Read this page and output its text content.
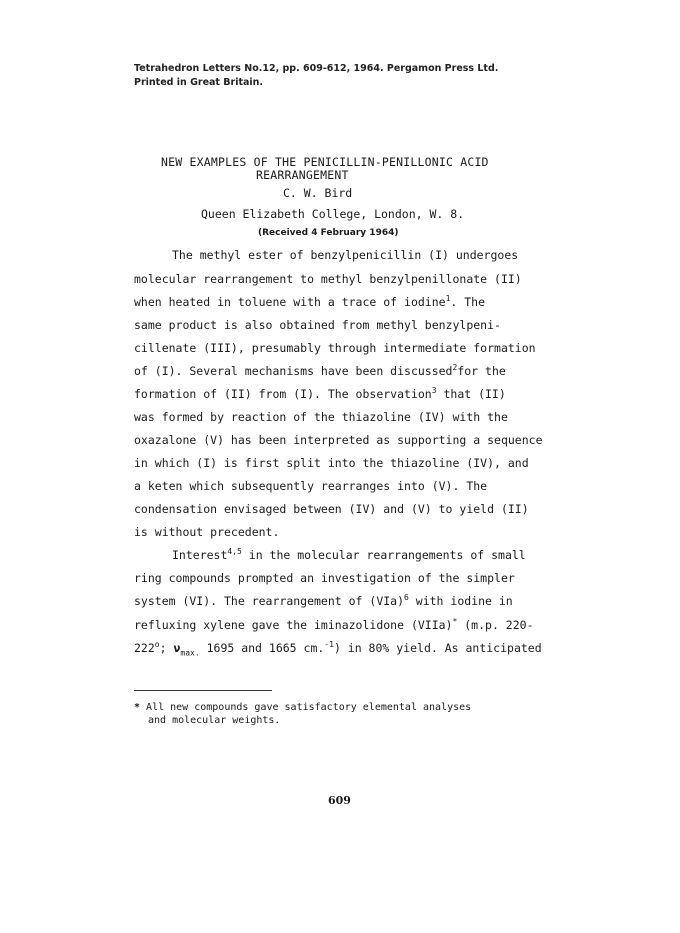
Tetrahedron Letters No.12, pp. 609-612, 1964. Pergamon Press Ltd.
Printed in Great Britain.
NEW EXAMPLES OF THE PENICILLIN-PENILLONIC ACID
REARRANGEMENT
C. W. Bird
Queen Elizabeth College, London, W. 8.
(Received 4 February 1964)
The methyl ester of benzylpenicillin (I) undergoes
molecular rearrangement to methyl benzylpenillonate (II)
when heated in toluene with a trace of iodine$^1$. The
same product is also obtained from methyl benzylpeni-
cillenate (III), presumably through intermediate formation
of (I). Several mechanisms have been discussed$^2$for the
formation of (II) from (I). The observation$^3$ that (II)
was formed by reaction of the thiazoline (IV) with the
oxazalone (V) has been interpreted as supporting a sequence
in which (I) is first split into the thiazoline (IV), and
a keten which subsequently rearranges into (V). The
condensation envisaged between (IV) and (V) to yield (II)
is without precedent.
Interest$^{4,5}$ in the molecular rearrangements of small
ring compounds prompted an investigation of the simpler
system (VI). The rearrangement of (VIa)$^6$ with iodine in
refluxing xylene gave the iminazolidone (VIIa)* (m.p. 220-
222$^o$; $\nu_{max.}$ 1695 and 1665 cm.$^{-1}$) in 80% yield. As anticipated
* All new compounds gave satisfactory elemental analyses
and molecular weights.
609
